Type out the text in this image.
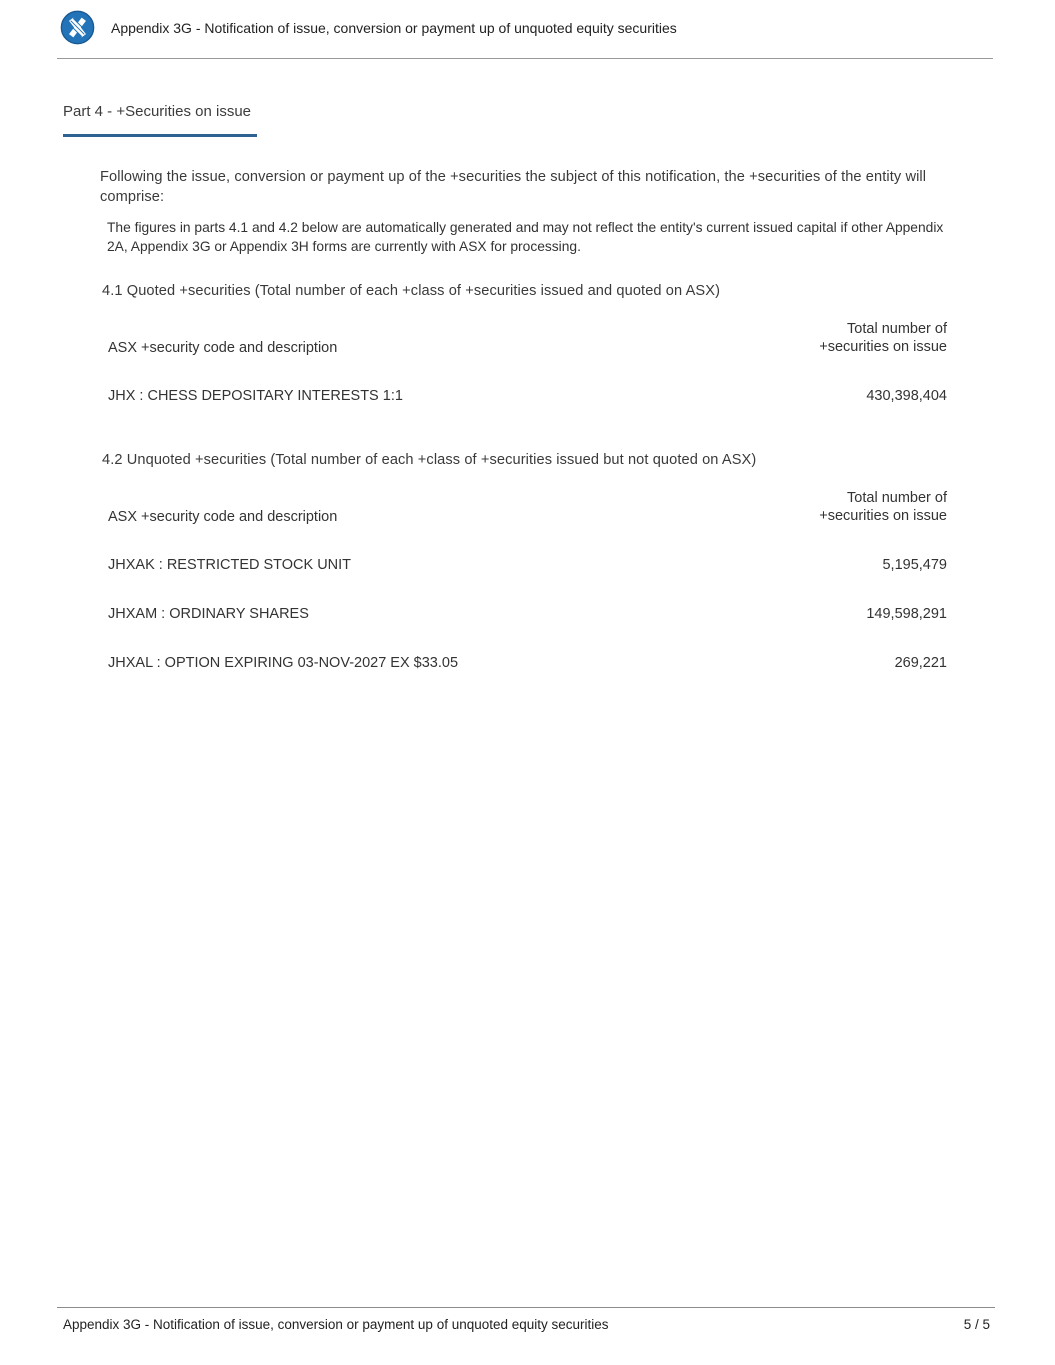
Appendix 3G - Notification of issue, conversion or payment up of unquoted equity securities
Part 4 - +Securities on issue
Following the issue, conversion or payment up of the +securities the subject of this notification, the +securities of the entity will comprise:
The figures in parts 4.1 and 4.2 below are automatically generated and may not reflect the entity's current issued capital if other Appendix 2A, Appendix 3G or Appendix 3H forms are currently with ASX for processing.
4.1 Quoted +securities (Total number of each +class of +securities issued and quoted on ASX)
ASX +security code and description
Total number of
+securities on issue
JHX : CHESS DEPOSITARY INTERESTS 1:1	430,398,404
4.2 Unquoted +securities (Total number of each +class of +securities issued but not quoted on ASX)
ASX +security code and description
Total number of
+securities on issue
JHXAK : RESTRICTED STOCK UNIT	5,195,479
JHXAM : ORDINARY SHARES	149,598,291
JHXAL : OPTION EXPIRING 03-NOV-2027 EX $33.05	269,221
Appendix 3G - Notification of issue, conversion or payment up of unquoted equity securities	5 / 5
